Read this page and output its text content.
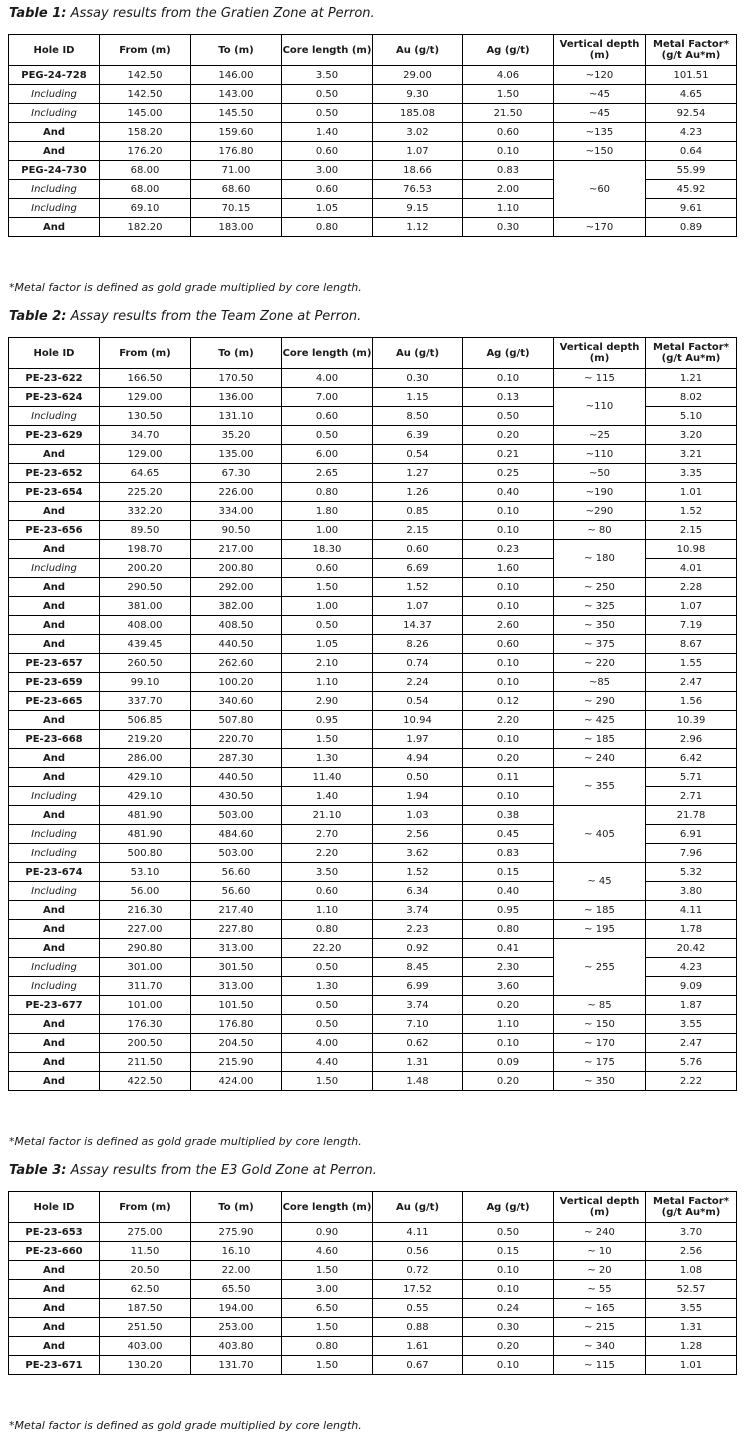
Table 1: Assay results from the Gratien Zone at Perron.
Hole ID	From (m)	To (m)	Core length (m)	Au (g/t)	Ag (g/t)	Vertical depth (m)	Metal Factor* (g/t Au*m)
PEG-24-728	142.50	146.00	3.50	29.00	4.06	~120	101.51
Including	142.50	143.00	0.50	9.30	1.50	~45	4.65
Including	145.00	145.50	0.50	185.08	21.50	~45	92.54
And	158.20	159.60	1.40	3.02	0.60	~135	4.23
And	176.20	176.80	0.60	1.07	0.10	~150	0.64
PEG-24-730	68.00	71.00	3.00	18.66	0.83	~60	55.99
Including	68.00	68.60	0.60	76.53	2.00		45.92
Including	69.10	70.15	1.05	9.15	1.10		9.61
And	182.20	183.00	0.80	1.12	0.30	~170	0.89
*Metal factor is defined as gold grade multiplied by core length.
Table 2: Assay results from the Team Zone at Perron.
Hole ID	From (m)	To (m)	Core length (m)	Au (g/t)	Ag (g/t)	Vertical depth (m)	Metal Factor* (g/t Au*m)
PE-23-622	166.50	170.50	4.00	0.30	0.10	~ 115	1.21
PE-23-624	129.00	136.00	7.00	1.15	0.13	~110	8.02
Including	130.50	131.10	0.60	8.50	0.50		5.10
PE-23-629	34.70	35.20	0.50	6.39	0.20	~25	3.20
And	129.00	135.00	6.00	0.54	0.21	~110	3.21
PE-23-652	64.65	67.30	2.65	1.27	0.25	~50	3.35
PE-23-654	225.20	226.00	0.80	1.26	0.40	~190	1.01
And	332.20	334.00	1.80	0.85	0.10	~290	1.52
PE-23-656	89.50	90.50	1.00	2.15	0.10	~ 80	2.15
And	198.70	217.00	18.30	0.60	0.23	~ 180	10.98
Including	200.20	200.80	0.60	6.69	1.60		4.01
And	290.50	292.00	1.50	1.52	0.10	~ 250	2.28
And	381.00	382.00	1.00	1.07	0.10	~ 325	1.07
And	408.00	408.50	0.50	14.37	2.60	~ 350	7.19
And	439.45	440.50	1.05	8.26	0.60	~ 375	8.67
PE-23-657	260.50	262.60	2.10	0.74	0.10	~ 220	1.55
PE-23-659	99.10	100.20	1.10	2.24	0.10	~85	2.47
PE-23-665	337.70	340.60	2.90	0.54	0.12	~ 290	1.56
And	506.85	507.80	0.95	10.94	2.20	~ 425	10.39
PE-23-668	219.20	220.70	1.50	1.97	0.10	~ 185	2.96
And	286.00	287.30	1.30	4.94	0.20	~ 240	6.42
And	429.10	440.50	11.40	0.50	0.11	~ 355	5.71
Including	429.10	430.50	1.40	1.94	0.10		2.71
And	481.90	503.00	21.10	1.03	0.38	~ 405	21.78
Including	481.90	484.60	2.70	2.56	0.45		6.91
Including	500.80	503.00	2.20	3.62	0.83		7.96
PE-23-674	53.10	56.60	3.50	1.52	0.15	~ 45	5.32
Including	56.00	56.60	0.60	6.34	0.40		3.80
And	216.30	217.40	1.10	3.74	0.95	~ 185	4.11
And	227.00	227.80	0.80	2.23	0.80	~ 195	1.78
And	290.80	313.00	22.20	0.92	0.41	~ 255	20.42
Including	301.00	301.50	0.50	8.45	2.30		4.23
Including	311.70	313.00	1.30	6.99	3.60		9.09
PE-23-677	101.00	101.50	0.50	3.74	0.20	~ 85	1.87
And	176.30	176.80	0.50	7.10	1.10	~ 150	3.55
And	200.50	204.50	4.00	0.62	0.10	~ 170	2.47
And	211.50	215.90	4.40	1.31	0.09	~ 175	5.76
And	422.50	424.00	1.50	1.48	0.20	~ 350	2.22
*Metal factor is defined as gold grade multiplied by core length.
Table 3: Assay results from the E3 Gold Zone at Perron.
Hole ID	From (m)	To (m)	Core length (m)	Au (g/t)	Ag (g/t)	Vertical depth (m)	Metal Factor* (g/t Au*m)
PE-23-653	275.00	275.90	0.90	4.11	0.50	~ 240	3.70
PE-23-660	11.50	16.10	4.60	0.56	0.15	~ 10	2.56
And	20.50	22.00	1.50	0.72	0.10	~ 20	1.08
And	62.50	65.50	3.00	17.52	0.10	~ 55	52.57
And	187.50	194.00	6.50	0.55	0.24	~ 165	3.55
And	251.50	253.00	1.50	0.88	0.30	~ 215	1.31
And	403.00	403.80	0.80	1.61	0.20	~ 340	1.28
PE-23-671	130.20	131.70	1.50	0.67	0.10	~ 115	1.01
*Metal factor is defined as gold grade multiplied by core length.
